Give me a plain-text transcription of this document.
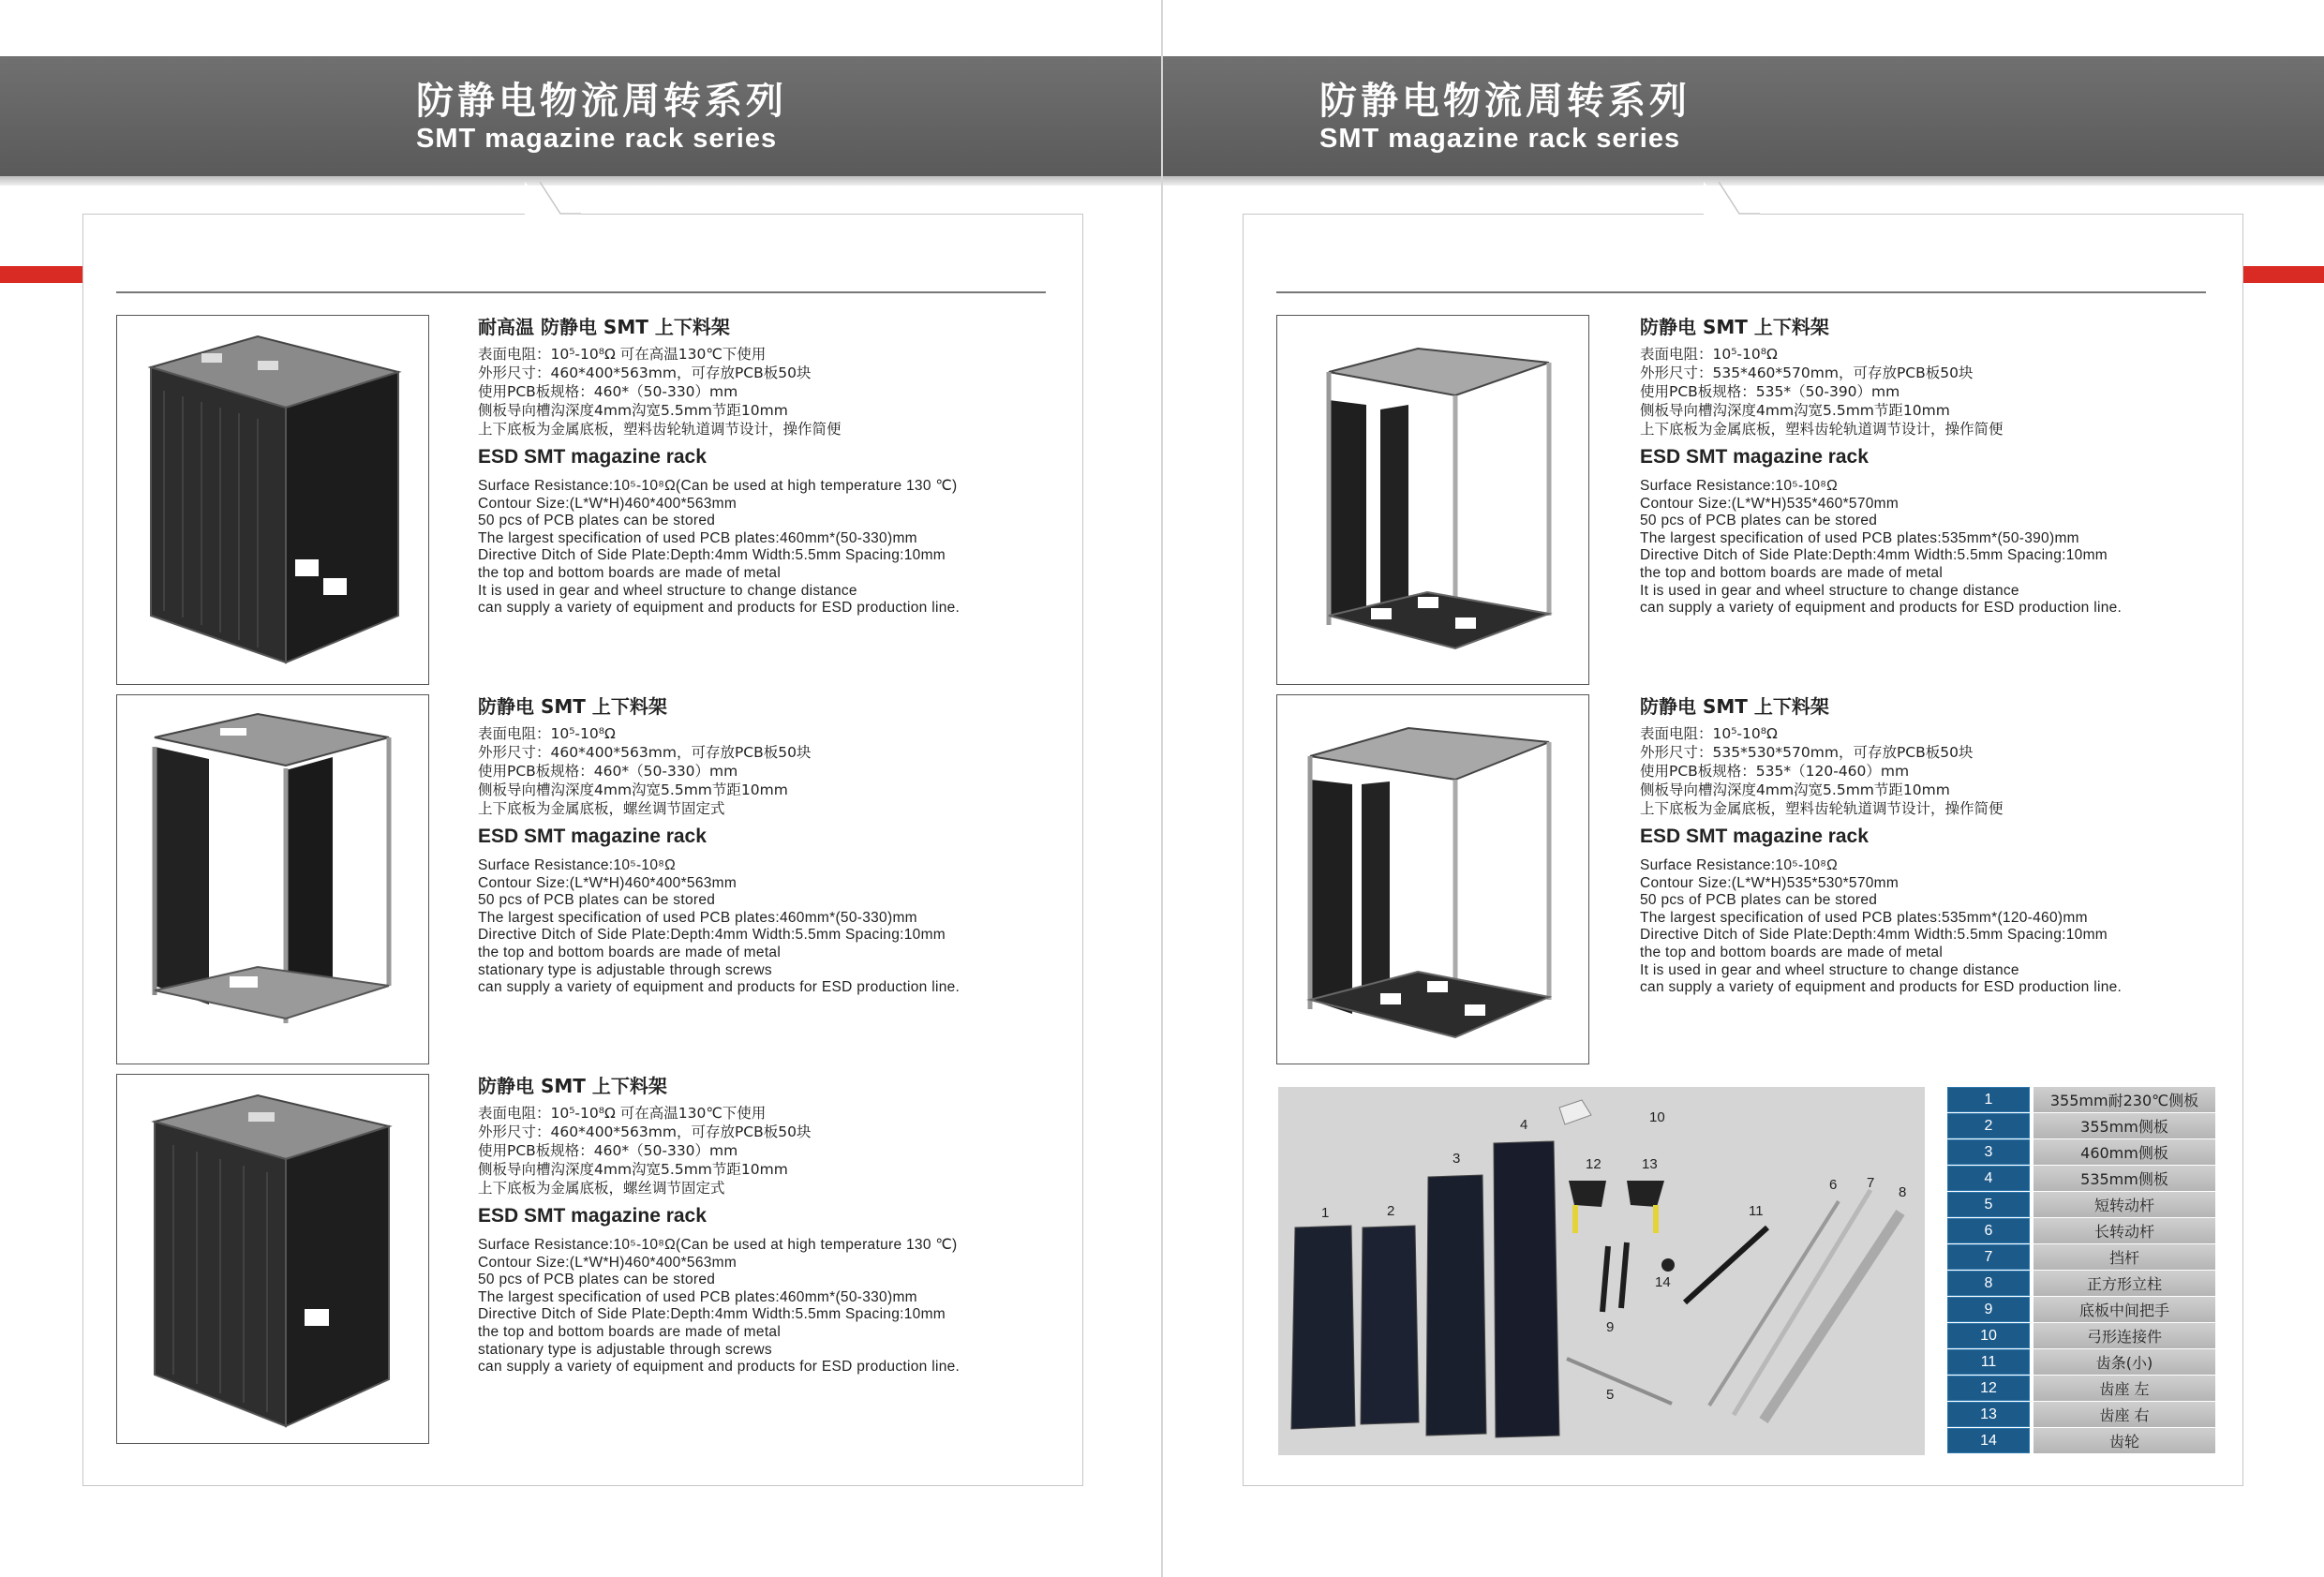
防静电物流周转系列
SMT magazine rack series
防静电物流周转系列
SMT magazine rack series
耐高温 防静电 SMT 上下料架
表面电阻：10⁵-10⁸Ω 可在高温130℃下使用
外形尺寸：460*400*563mm，可存放PCB板50块
使用PCB板规格：460*（50-330）mm
侧板导向槽沟深度4mm沟宽5.5mm节距10mm
上下底板为金属底板，塑料齿轮轨道调节设计，操作简便
ESD SMT magazine rack
Surface Resistance:10⁵-10⁸Ω(Can be used at high temperature 130 ℃)
Contour Size:(L*W*H)460*400*563mm
50 pcs of PCB plates can be stored
The largest specification of used PCB plates:460mm*(50-330)mm
Directive Ditch of Side Plate:Depth:4mm Width:5.5mm Spacing:10mm
the top and bottom boards are made of metal
It is used in gear and wheel structure to change distance
can supply a variety of equipment and products for ESD production line.
防静电 SMT 上下料架
表面电阻：10⁵-10⁸Ω
外形尺寸：460*400*563mm，可存放PCB板50块
使用PCB板规格：460*（50-330）mm
侧板导向槽沟深度4mm沟宽5.5mm节距10mm
上下底板为金属底板，螺丝调节固定式
ESD SMT magazine rack
Surface Resistance:10⁵-10⁸Ω
Contour Size:(L*W*H)460*400*563mm
50 pcs of PCB plates can be stored
The largest specification of used PCB plates:460mm*(50-330)mm
Directive Ditch of Side Plate:Depth:4mm Width:5.5mm Spacing:10mm
the top and bottom boards are made of metal
stationary type is adjustable through screws
can supply a variety of equipment and products for ESD production line.
防静电 SMT 上下料架
表面电阻：10⁵-10⁸Ω 可在高温130℃下使用
外形尺寸：460*400*563mm，可存放PCB板50块
使用PCB板规格：460*（50-330）mm
侧板导向槽沟深度4mm沟宽5.5mm节距10mm
上下底板为金属底板，螺丝调节固定式
ESD SMT magazine rack
Surface Resistance:10⁵-10⁸Ω(Can be used at high temperature 130 ℃)
Contour Size:(L*W*H)460*400*563mm
50 pcs of PCB plates can be stored
The largest specification of used PCB plates:460mm*(50-330)mm
Directive Ditch of Side Plate:Depth:4mm Width:5.5mm Spacing:10mm
the top and bottom boards are made of metal
stationary type is adjustable through screws
can supply a variety of equipment and products for ESD production line.
防静电 SMT 上下料架
表面电阻：10⁵-10⁸Ω
外形尺寸：535*460*570mm，可存放PCB板50块
使用PCB板规格：535*（50-390）mm
侧板导向槽沟深度4mm沟宽5.5mm节距10mm
上下底板为金属底板，塑料齿轮轨道调节设计，操作简便
ESD SMT magazine rack
Surface Resistance:10⁵-10⁸Ω
Contour Size:(L*W*H)535*460*570mm
50 pcs of PCB plates can be stored
The largest specification of used PCB plates:535mm*(50-390)mm
Directive Ditch of Side Plate:Depth:4mm Width:5.5mm Spacing:10mm
the top and bottom boards are made of metal
It is used in gear and wheel structure to change distance
can supply a variety of equipment and products for ESD production line.
防静电 SMT 上下料架
表面电阻：10⁵-10⁸Ω
外形尺寸：535*530*570mm，可存放PCB板50块
使用PCB板规格：535*（120-460）mm
侧板导向槽沟深度4mm沟宽5.5mm节距10mm
上下底板为金属底板，塑料齿轮轨道调节设计，操作简便
ESD SMT magazine rack
Surface Resistance:10⁵-10⁸Ω
Contour Size:(L*W*H)535*530*570mm
50 pcs of PCB plates can be stored
The largest specification of used PCB plates:535mm*(120-460)mm
Directive Ditch of Side Plate:Depth:4mm Width:5.5mm Spacing:10mm
the top and bottom boards are made of metal
It is used in gear and wheel structure to change distance
can supply a variety of equipment and products for ESD production line.
1	2
3
4
5
6 7
8
9
10
11
12	13
14
1	355mm耐230℃侧板
2	355mm侧板
3	460mm侧板
4	535mm侧板
5	短转动杆
6	长转动杆
7	挡杆
8	正方形立柱
9	底板中间把手
10	弓形连接件
11	齿条(小)
12	齿座 左
13	齿座 右
14	齿轮
